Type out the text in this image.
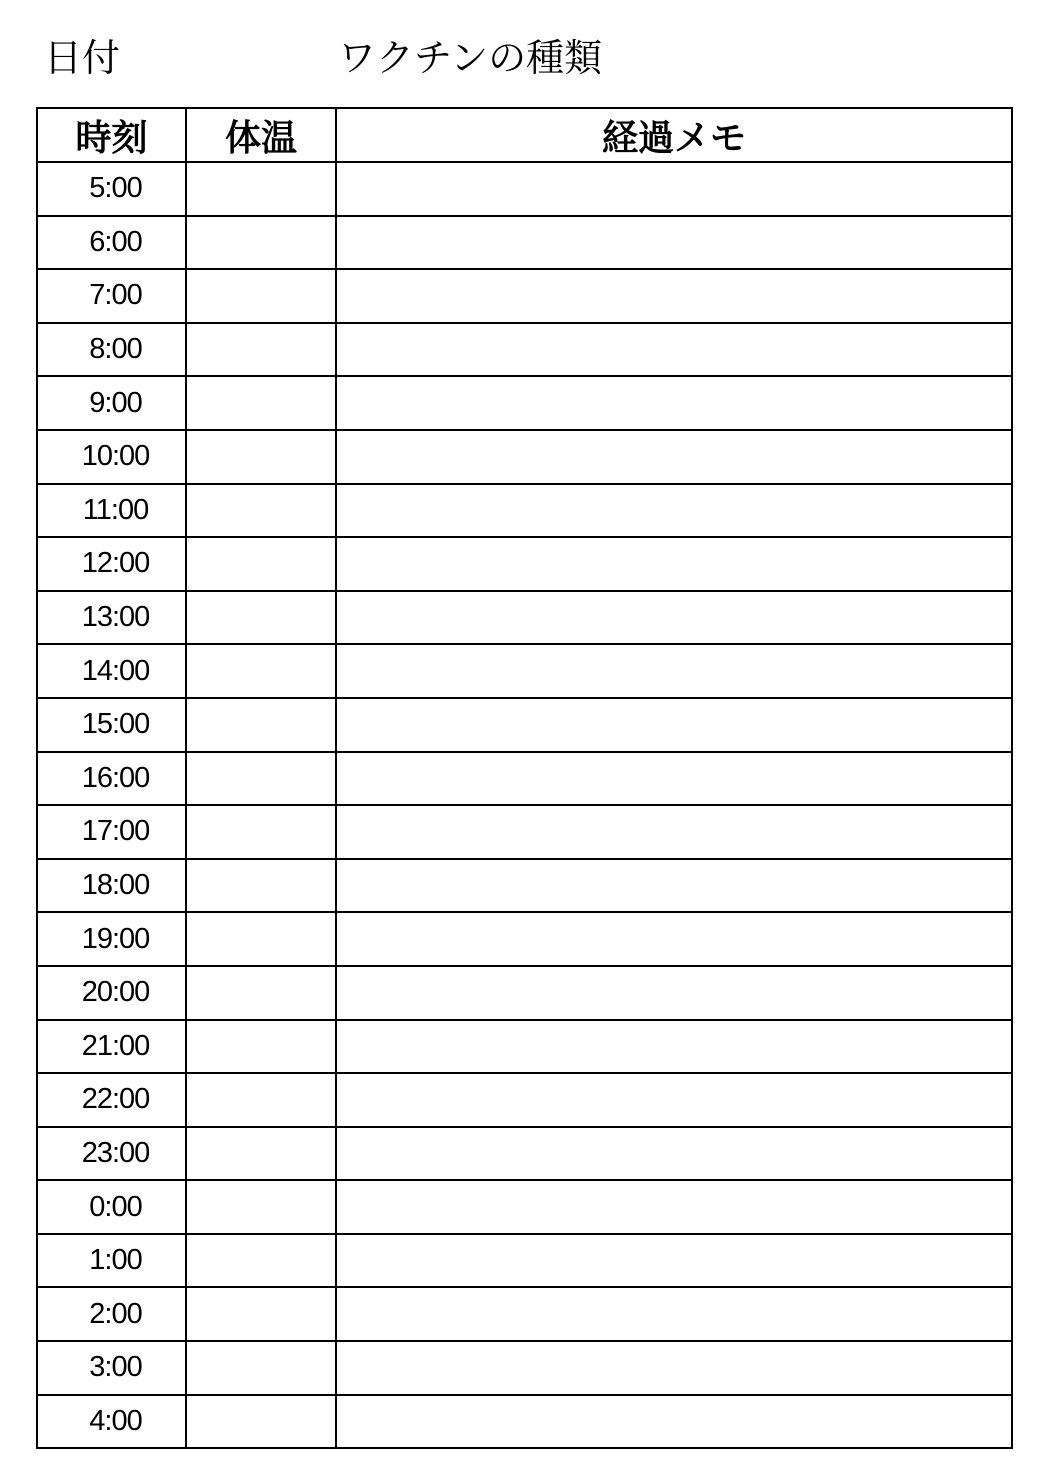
日付	ワクチンの種類
時刻	体温	経過メモ
5:00		
6:00		
7:00		
8:00		
9:00		
10:00		
11:00		
12:00		
13:00		
14:00		
15:00		
16:00		
17:00		
18:00		
19:00		
20:00		
21:00		
22:00		
23:00		
0:00		
1:00		
2:00		
3:00		
4:00		
